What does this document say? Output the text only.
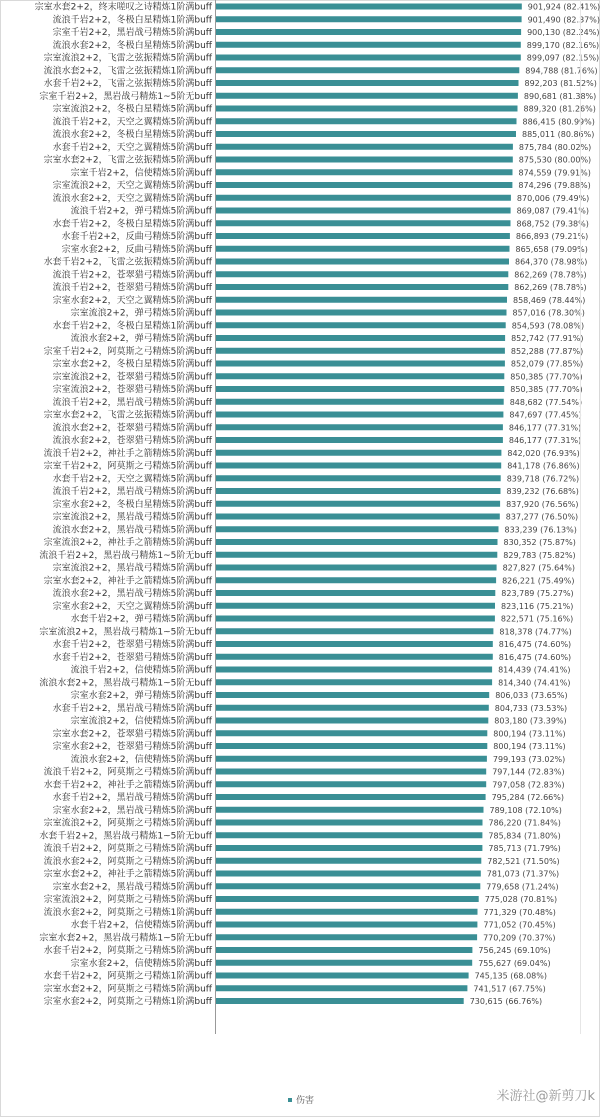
宗室水套2+2，终末嗟叹之诗精炼1阶满buff
流浪千岩2+2，冬极白星精炼1阶满buff
宗室千岩2+2，黑岩战弓精炼5阶满buff
流浪水套2+2，冬极白星精炼5阶满buff
宗室流浪2+2，飞雷之弦振精炼5阶满buff
流浪水套2+2，飞雷之弦振精炼1阶满buff
水套千岩2+2，飞雷之弦振精炼5阶满buff
宗室千岩2+2，黑岩战弓精炼1~5阶无buff
宗室流浪2+2，冬极白星精炼5阶满buff
流浪千岩2+2，天空之翼精炼5阶满buff
流浪水套2+2，冬极白星精炼5阶满buff
水套千岩2+2，天空之翼精炼5阶满buff
宗室水套2+2，飞雷之弦振精炼5阶满buff
宗室千岩2+2，信使精炼5阶满buff
宗室流浪2+2，天空之翼精炼5阶满buff
流浪水套2+2，天空之翼精炼5阶满buff
流浪千岩2+2，弹弓精炼5阶满buff
水套千岩2+2，冬极白星精炼5阶满buff
水套千岩2+2，反曲弓精炼5阶满buff
宗室水套2+2，反曲弓精炼5阶满buff
水套千岩2+2，飞雷之弦振精炼5阶满buff
流浪千岩2+2，苍翠猎弓精炼5阶满buff
流浪千岩2+2，苍翠猎弓精炼5阶满buff
宗室水套2+2，天空之翼精炼5阶满buff
宗室流浪2+2，弹弓精炼5阶满buff
水套千岩2+2，冬极白星精炼1阶满buff
流浪水套2+2，弹弓精炼5阶满buff
宗室千岩2+2，阿莫斯之弓精炼5阶满buff
宗室水套2+2，冬极白星精炼5阶满buff
宗室流浪2+2，苍翠猎弓精炼5阶满buff
宗室流浪2+2，苍翠猎弓精炼5阶满buff
流浪千岩2+2，黑岩战弓精炼5阶满buff
宗室水套2+2，飞雷之弦振精炼5阶满buff
流浪水套2+2，苍翠猎弓精炼5阶满buff
流浪水套2+2，苍翠猎弓精炼5阶满buff
流浪千岩2+2，神社手之箭精炼5阶满buff
宗室千岩2+2，阿莫斯之弓精炼5阶满buff
水套千岩2+2，天空之翼精炼5阶满buff
流浪千岩2+2，黑岩战弓精炼5阶满buff
宗室水套2+2，冬极白星精炼5阶满buff
宗室流浪2+2，黑岩战弓精炼5阶满buff
流浪水套2+2，黑岩战弓精炼5阶满buff
宗室流浪2+2，神社手之箭精炼5阶满buff
流浪千岩2+2，黑岩战弓精炼1~5阶无buff
宗室流浪2+2，黑岩战弓精炼5阶满buff
宗室水套2+2，神社手之箭精炼5阶满buff
流浪水套2+2，黑岩战弓精炼5阶满buff
宗室水套2+2，天空之翼精炼5阶满buff
水套千岩2+2，弹弓精炼5阶满buff
宗室流浪2+2，黑岩战弓精炼1~5阶无buff
水套千岩2+2，苍翠猎弓精炼5阶满buff
水套千岩2+2，苍翠猎弓精炼5阶满buff
流浪千岩2+2，信使精炼5阶满buff
流浪水套2+2，黑岩战弓精炼1~5阶无buff
宗室水套2+2，弹弓精炼5阶满buff
水套千岩2+2，黑岩战弓精炼5阶满buff
宗室流浪2+2，信使精炼5阶满buff
宗室水套2+2，苍翠猎弓精炼5阶满buff
宗室水套2+2，苍翠猎弓精炼5阶满buff
流浪水套2+2，信使精炼5阶满buff
流浪千岩2+2，阿莫斯之弓精炼5阶满buff
水套千岩2+2，神社手之箭精炼5阶满buff
水套千岩2+2，黑岩战弓精炼5阶满buff
宗室水套2+2，黑岩战弓精炼5阶满buff
宗室流浪2+2，阿莫斯之弓精炼5阶满buff
水套千岩2+2，黑岩战弓精炼1~5阶无buff
流浪千岩2+2，阿莫斯之弓精炼5阶满buff
流浪水套2+2，阿莫斯之弓精炼5阶满buff
宗室水套2+2，神社手之箭精炼5阶满buff
宗室水套2+2，黑岩战弓精炼5阶满buff
宗室流浪2+2，阿莫斯之弓精炼5阶满buff
流浪水套2+2，阿莫斯之弓精炼1阶满buff
水套千岩2+2，信使精炼5阶满buff
宗室水套2+2，黑岩战弓精炼1~5阶无buff
水套千岩2+2，阿莫斯之弓精炼5阶满buff
宗室水套2+2，信使精炼5阶满buff
水套千岩2+2，阿莫斯之弓精炼1阶满buff
宗室水套2+2，阿莫斯之弓精炼5阶满buff
宗室水套2+2，阿莫斯之弓精炼1阶满buff
901,924 (82.41%)
901,490 (82.37%)
900,130 (82.24%)
899,170 (82.16%)
899,097 (82.15%)
894,788 (81.76%)
892,203 (81.52%)
890,681 (81.38%)
889,320 (81.26%)
886,415 (80.99%)
885,011 (80.86%)
875,784 (80.02%)
875,530 (80.00%)
874,559 (79.91%)
874,296 (79.88%)
870,006 (79.49%)
869,087 (79.41%)
868,752 (79.38%)
866,893 (79.21%)
865,658 (79.09%)
864,370 (78.98%)
862,269 (78.78%)
862,269 (78.78%)
858,469 (78.44%)
857,016 (78.30%)
854,593 (78.08%)
852,742 (77.91%)
852,288 (77.87%)
852,079 (77.85%)
850,385 (77.70%)
850,385 (77.70%)
848,682 (77.54%)
847,697 (77.45%)
846,177 (77.31%)
846,177 (77.31%)
842,020 (76.93%)
841,178 (76.86%)
839,718 (76.72%)
839,232 (76.68%)
837,920 (76.56%)
837,277 (76.50%)
833,239 (76.13%)
830,352 (75.87%)
829,783 (75.82%)
827,827 (75.64%)
826,221 (75.49%)
823,789 (75.27%)
823,116 (75.21%)
822,571 (75.16%)
818,378 (74.77%)
816,475 (74.60%)
816,475 (74.60%)
814,439 (74.41%)
814,340 (74.41%)
806,033 (73.65%)
804,733 (73.53%)
803,180 (73.39%)
800,194 (73.11%)
800,194 (73.11%)
799,193 (73.02%)
797,144 (72.83%)
797,058 (72.83%)
795,284 (72.66%)
789,108 (72.10%)
786,220 (71.84%)
785,834 (71.80%)
785,713 (71.79%)
782,521 (71.50%)
781,073 (71.37%)
779,658 (71.24%)
775,028 (70.81%)
771,329 (70.48%)
771,052 (70.45%)
770,209 (70.37%)
756,245 (69.10%)
755,627 (69.04%)
745,135 (68.08%)
741,517 (67.75%)
730,615 (66.76%)
伤害	米游社@新剪刀k
